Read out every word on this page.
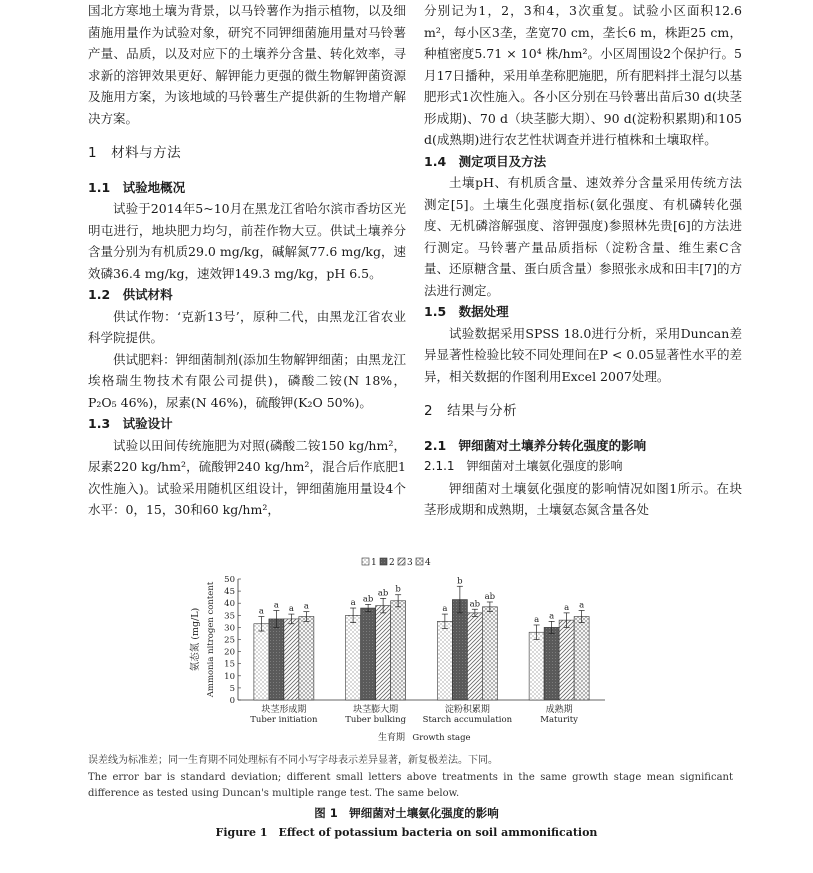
国北方寒地土壤为背景，以马铃薯作为指示植物，以及细菌施用量作为试验对象，研究不同钾细菌施用量对马铃薯产量、品质，以及对应下的土壤养分含量、转化效率，寻求新的溶钾效果更好、解钾能力更强的微生物解钾菌资源及施用方案，为该地域的马铃薯生产提供新的生物增产解决方案。

1　材料与方法
1.1　试验地概况

试验于2014年5~10月在黑龙江省哈尔滨市香坊区光明屯进行，地块肥力均匀，前茬作物大豆。供试土壤养分含量分别为有机质29.0 mg/kg，碱解氮77.6 mg/kg，速效磷36.4 mg/kg，速效钾149.3 mg/kg，pH 6.5。

1.2　供试材料

供试作物：‘克新13号’，原种二代，由黑龙江省农业科学院提供。

供试肥料：钾细菌制剂(添加生物解钾细菌；由黑龙江埃格瑞生物技术有限公司提供)，磷酸二铵(N 18%，P₂O₅ 46%)，尿素(N 46%)，硫酸钾(K₂O 50%)。

1.3　试验设计

试验以田间传统施肥为对照(磷酸二铵150 kg/hm²，尿素220 kg/hm²，硫酸钾240 kg/hm²，混合后作底肥1次性施入)。试验采用随机区组设计，钾细菌施用量设4个水平：0，15，30和60 kg/hm²，

分别记为1，2，3和4，3次重复。试验小区面积12.6 m²，每小区3垄，垄宽70 cm，垄长6 m，株距25 cm，种植密度5.71 × 10⁴ 株/hm²。小区周围设2个保护行。5月17日播种，采用单垄称肥施肥，所有肥料拌土混匀以基肥形式1次性施入。各小区分别在马铃薯出苗后30 d(块茎形成期)、70 d（块茎膨大期）、90 d(淀粉积累期)和105 d(成熟期)进行农艺性状调查并进行植株和土壤取样。

1.4　测定项目及方法

土壤pH、有机质含量、速效养分含量采用传统方法测定[5]。土壤生化强度指标(氨化强度、有机磷转化强度、无机磷溶解强度、溶钾强度)参照林先贵[6]的方法进行测定。马铃薯产量品质指标（淀粉含量、维生素C含量、还原糖含量、蛋白质含量）参照张永成和田丰[7]的方法进行测定。

1.5　数据处理

试验数据采用SPSS 18.0进行分析，采用Duncan差异显著性检验比较不同处理间在P < 0.05显著性水平的差异，相关数据的作图利用Excel 2007处理。

2　结果与分析
2.1　钾细菌对土壤养分转化强度的影响
2.1.1　钾细菌对土壤氨化强度的影响

钾细菌对土壤氨化强度的影响情况如图1所示。在块茎形成期和成熟期，土壤氨态氮含量各处

1 2 3 4
0
5
10
15
20
25
30
35
40
45
50
氨态氮 (mg/L) Ammonia nitrogen content	a
a a a	a ab
ab b
a
b
ab
ab
a a
a a
块茎形成期
Tuber initiation
块茎膨大期
Tuber bulking
淀粉积累期
Starch accumulation
成熟期
Maturity
生育期 Growth stage
误差线为标准差；同一生育期不同处理标有不同小写字母表示差异显著，新复极差法。下同。
The error bar is standard deviation; different small letters above treatments in the same growth stage mean significant difference as tested using Duncan's multiple range test. The same below.
图 1　钾细菌对土壤氨化强度的影响
Figure 1　Effect of potassium bacteria on soil ammonification
